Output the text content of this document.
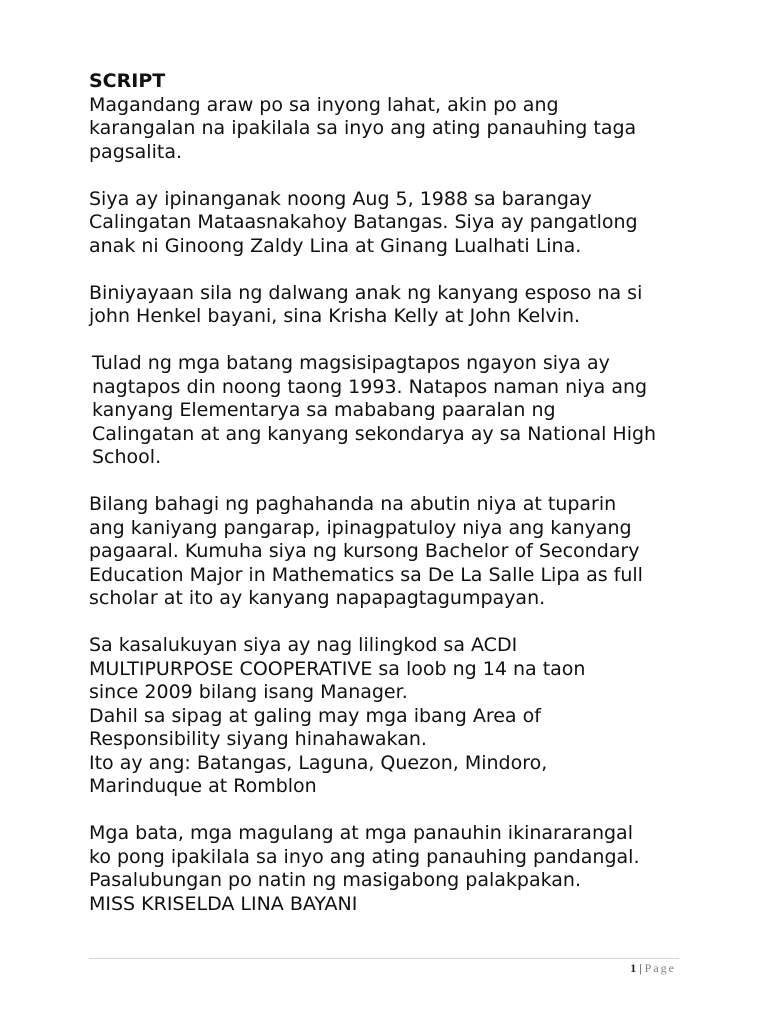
SCRIPT

Magandang araw po sa inyong lahat, akin po ang
karangalan na ipakilala sa inyo ang ating panauhing taga
pagsalita.

Siya ay ipinanganak noong Aug 5, 1988 sa barangay
Calingatan Mataasnakahoy Batangas. Siya ay pangatlong
anak ni Ginoong Zaldy Lina at Ginang Lualhati Lina.

Biniyayaan sila ng dalwang anak ng kanyang esposo na si
john Henkel bayani, sina Krisha Kelly at John Kelvin.

Tulad ng mga batang magsisipagtapos ngayon siya ay
nagtapos din noong taong 1993. Natapos naman niya ang
kanyang Elementarya sa mababang paaralan ng
Calingatan at ang kanyang sekondarya ay sa National High
School.

Bilang bahagi ng paghahanda na abutin niya at tuparin
ang kaniyang pangarap, ipinagpatuloy niya ang kanyang
pagaaral. Kumuha siya ng kursong Bachelor of Secondary
Education Major in Mathematics sa De La Salle Lipa as full
scholar at ito ay kanyang napapagtagumpayan.

Sa kasalukuyan siya ay nag lilingkod sa ACDI
MULTIPURPOSE COOPERATIVE sa loob ng 14 na taon
since 2009 bilang isang Manager.
Dahil sa sipag at galing may mga ibang Area of
Responsibility siyang hinahawakan.
Ito ay ang: Batangas, Laguna, Quezon, Mindoro,
Marinduque at Romblon

Mga bata, mga magulang at mga panauhin ikinararangal
ko pong ipakilala sa inyo ang ating panauhing pandangal.
Pasalubungan po natin ng masigabong palakpakan.
MISS KRISELDA LINA BAYANI

1 | Page
